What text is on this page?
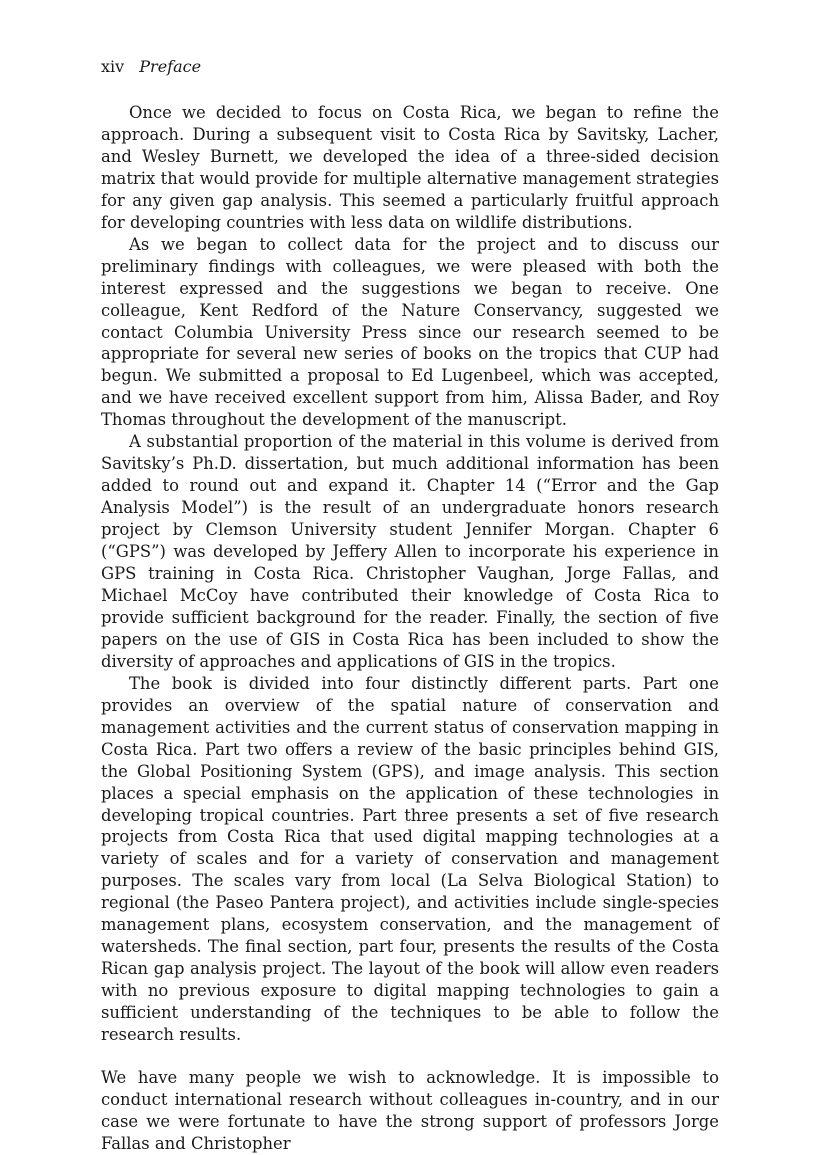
xiv Preface

Once we decided to focus on Costa Rica, we began to refine the approach. During a subsequent visit to Costa Rica by Savitsky, Lacher, and Wesley Burnett, we developed the idea of a three-sided decision matrix that would provide for multiple alternative management strategies for any given gap analysis. This seemed a particularly fruitful approach for developing countries with less data on wildlife distributions.

As we began to collect data for the project and to discuss our preliminary findings with colleagues, we were pleased with both the interest expressed and the suggestions we began to receive. One colleague, Kent Redford of the Nature Conservancy, suggested we contact Columbia University Press since our research seemed to be appropriate for several new series of books on the tropics that CUP had begun. We submitted a proposal to Ed Lugenbeel, which was accepted, and we have received excellent support from him, Alissa Bader, and Roy Thomas throughout the development of the manuscript.

A substantial proportion of the material in this volume is derived from Savitsky’s Ph.D. dissertation, but much additional information has been added to round out and expand it. Chapter 14 (“Error and the Gap Analysis Model”) is the result of an undergraduate honors research project by Clemson University student Jennifer Morgan. Chapter 6 (“GPS”) was developed by Jeffery Allen to incorporate his experience in GPS training in Costa Rica. Christopher Vaughan, Jorge Fallas, and Michael McCoy have contributed their knowledge of Costa Rica to provide sufficient background for the reader. Finally, the section of five papers on the use of GIS in Costa Rica has been included to show the diversity of approaches and applications of GIS in the tropics.

The book is divided into four distinctly different parts. Part one provides an overview of the spatial nature of conservation and management activities and the current status of conservation mapping in Costa Rica. Part two offers a review of the basic principles behind GIS, the Global Positioning System (GPS), and image analysis. This section places a special emphasis on the application of these technologies in developing tropical countries. Part three presents a set of five research projects from Costa Rica that used digital mapping technologies at a variety of scales and for a variety of conservation and management purposes. The scales vary from local (La Selva Biological Station) to regional (the Paseo Pantera project), and activities include single-species management plans, ecosystem conservation, and the management of watersheds. The final section, part four, presents the results of the Costa Rican gap analysis project. The layout of the book will allow even readers with no previous exposure to digital mapping technologies to gain a sufficient understanding of the techniques to be able to follow the research results.

We have many people we wish to acknowledge. It is impossible to conduct international research without colleagues in-country, and in our case we were fortunate to have the strong support of professors Jorge Fallas and Christopher
